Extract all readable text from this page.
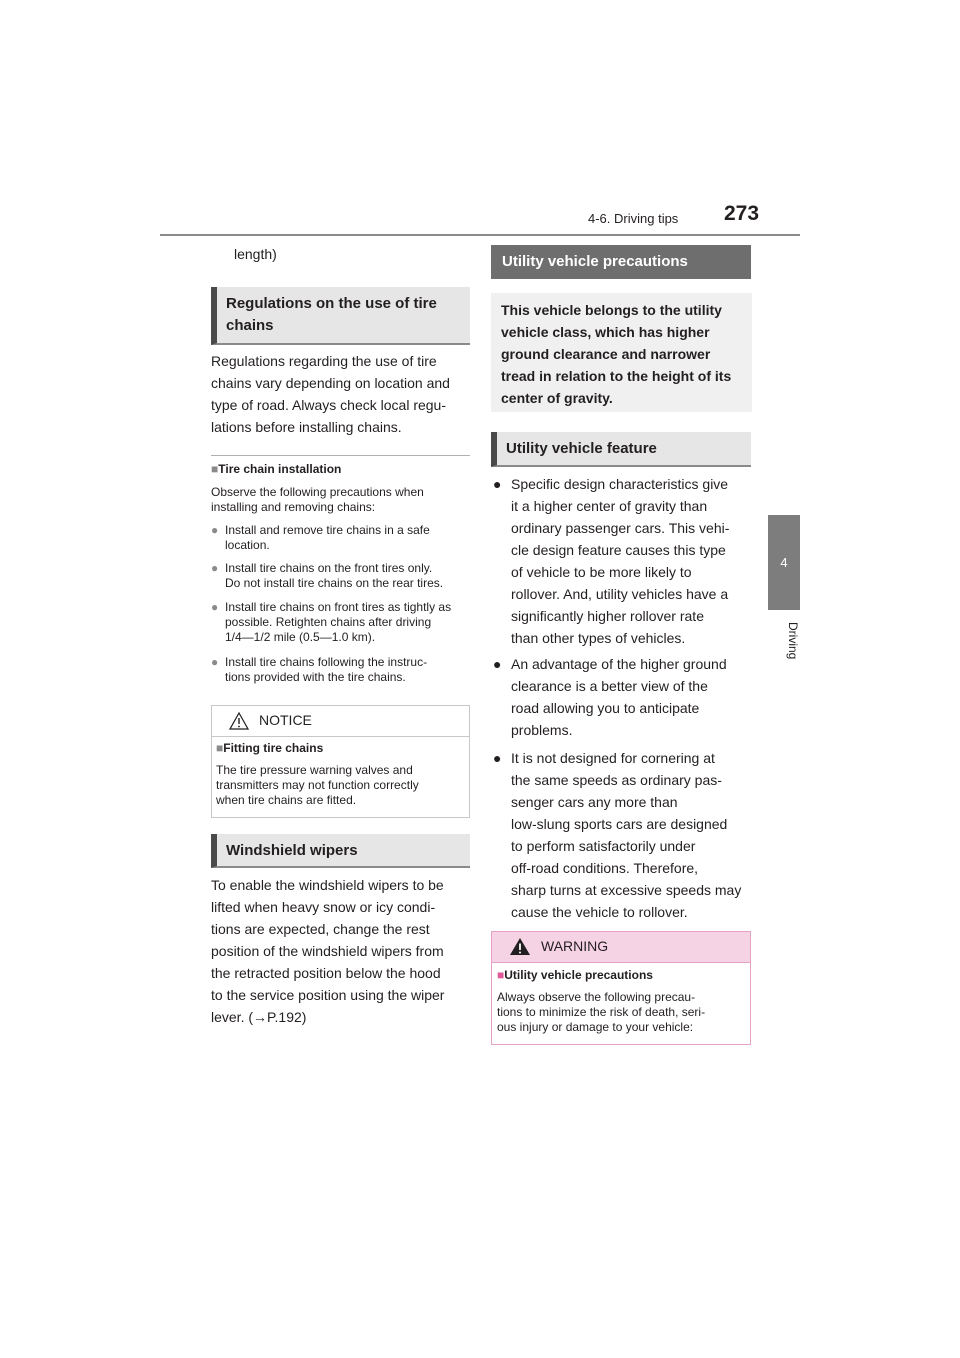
4-6. Driving tips 273
4
Driving
length)
Regulations on the use of tire
chains
Regulations regarding the use of tire
chains vary depending on location and
type of road. Always check local regu-
lations before installing chains.
■Tire chain installation
Observe the following precautions when
installing and removing chains:
● Install and remove tire chains in a safe
location.
● Install tire chains on the front tires only.
Do not install tire chains on the rear tires.
● Install tire chains on front tires as tightly as
possible. Retighten chains after driving
1/4—1/2 mile (0.5—1.0 km).
● Install tire chains following the instruc-
tions provided with the tire chains.
NOTICE
■Fitting tire chains
The tire pressure warning valves and
transmitters may not function correctly
when tire chains are fitted.
Windshield wipers
To enable the windshield wipers to be
lifted when heavy snow or icy condi-
tions are expected, change the rest
position of the windshield wipers from
the retracted position below the hood
to the service position using the wiper
lever. (→P.192)
Utility vehicle precautions
This vehicle belongs to the utility
vehicle class, which has higher
ground clearance and narrower
tread in relation to the height of its
center of gravity.
Utility vehicle feature
● Specific design characteristics give
it a higher center of gravity than
ordinary passenger cars. This vehi-
cle design feature causes this type
of vehicle to be more likely to
rollover. And, utility vehicles have a
significantly higher rollover rate
than other types of vehicles.
● An advantage of the higher ground
clearance is a better view of the
road allowing you to anticipate
problems.
● It is not designed for cornering at
the same speeds as ordinary pas-
senger cars any more than
low-slung sports cars are designed
to perform satisfactorily under
off-road conditions. Therefore,
sharp turns at excessive speeds may
cause the vehicle to rollover.
WARNING
■Utility vehicle precautions
Always observe the following precau-
tions to minimize the risk of death, seri-
ous injury or damage to your vehicle:
